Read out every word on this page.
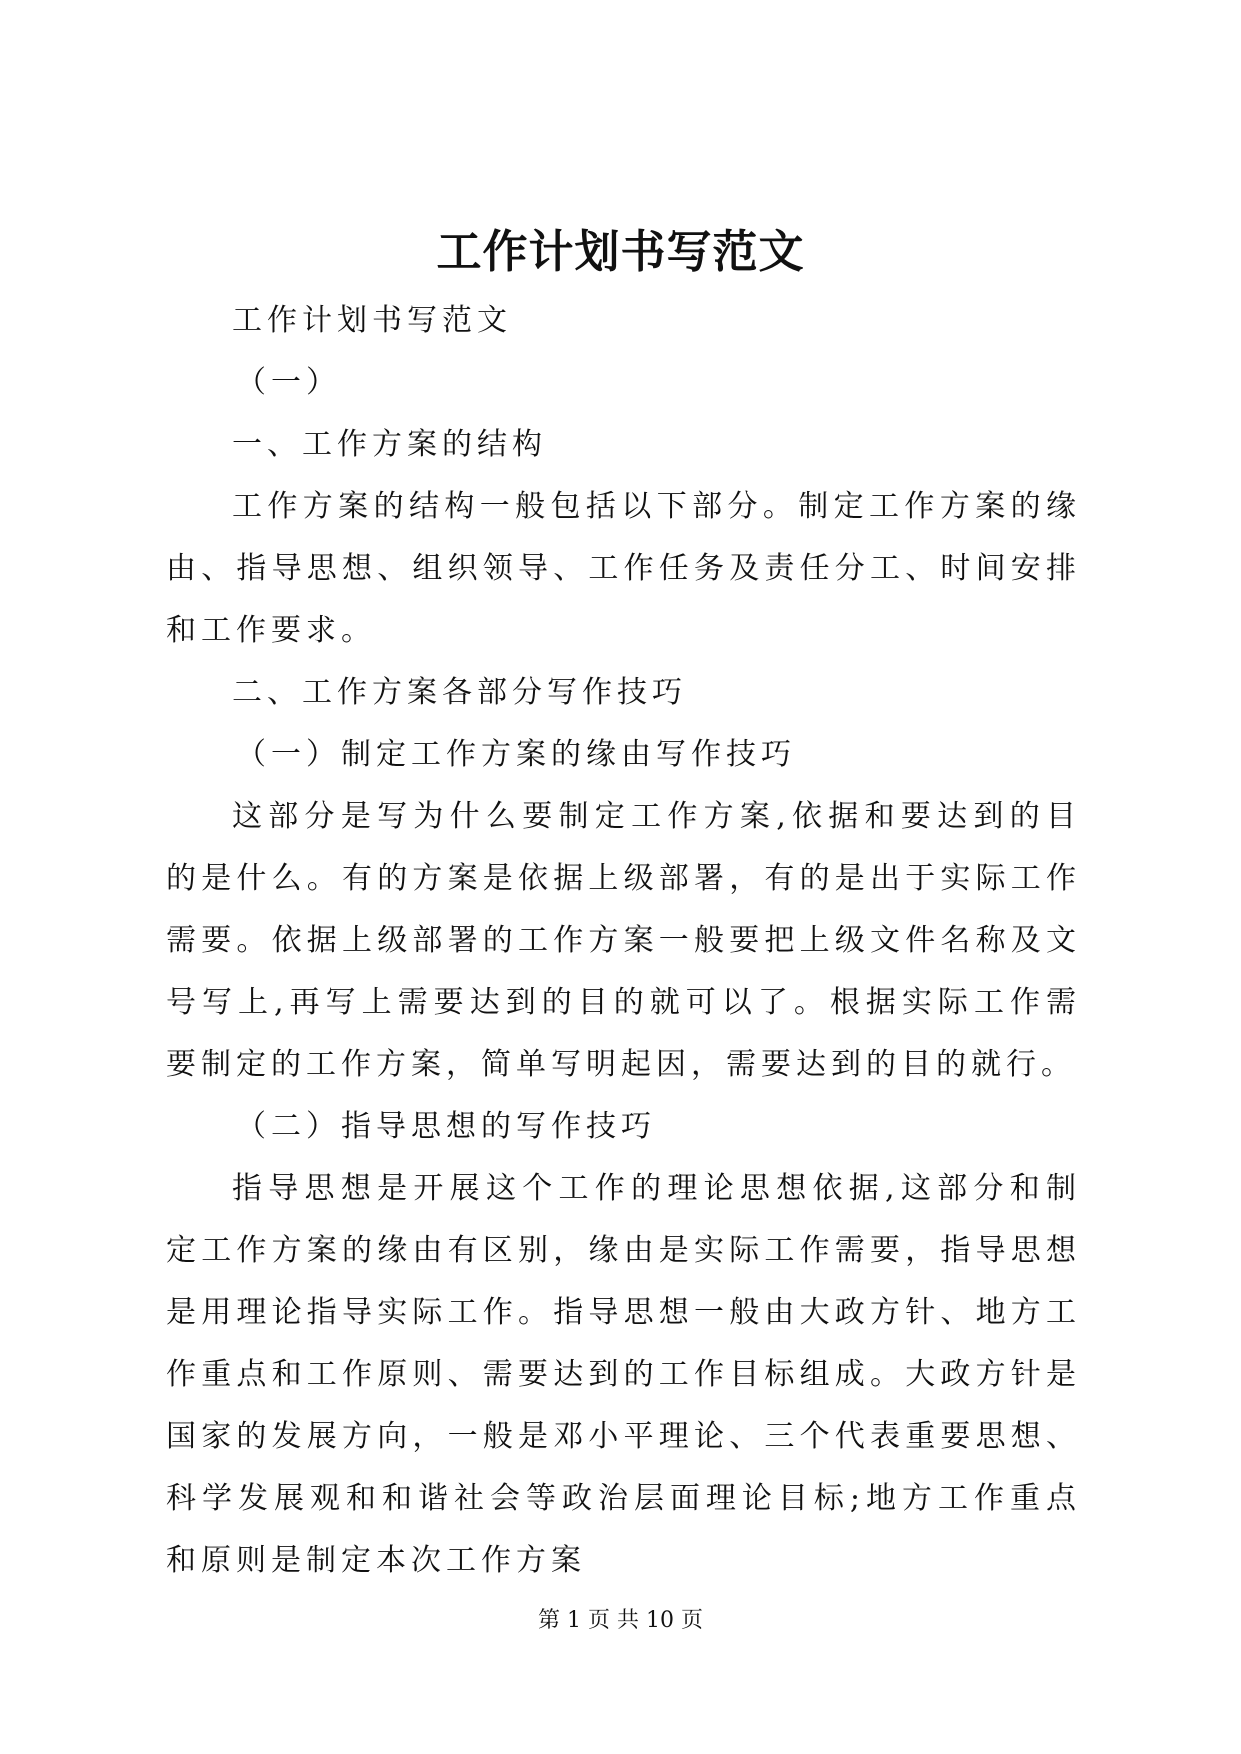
工作计划书写范文

工作计划书写范文

（一）

一、工作方案的结构

工作方案的结构一般包括以下部分。制定工作方案的缘由、指导思想、组织领导、工作任务及责任分工、时间安排和工作要求。

二、工作方案各部分写作技巧

（一）制定工作方案的缘由写作技巧

这部分是写为什么要制定工作方案,依据和要达到的目的是什么。有的方案是依据上级部署，有的是出于实际工作需要。依据上级部署的工作方案一般要把上级文件名称及文号写上,再写上需要达到的目的就可以了。根据实际工作需要制定的工作方案，简单写明起因，需要达到的目的就行。

（二）指导思想的写作技巧

指导思想是开展这个工作的理论思想依据,这部分和制定工作方案的缘由有区别，缘由是实际工作需要，指导思想是用理论指导实际工作。指导思想一般由大政方针、地方工作重点和工作原则、需要达到的工作目标组成。大政方针是国家的发展方向，一般是邓小平理论、三个代表重要思想、科学发展观和和谐社会等政治层面理论目标;地方工作重点和原则是制定本次工作方案

第 1 页 共 10 页
